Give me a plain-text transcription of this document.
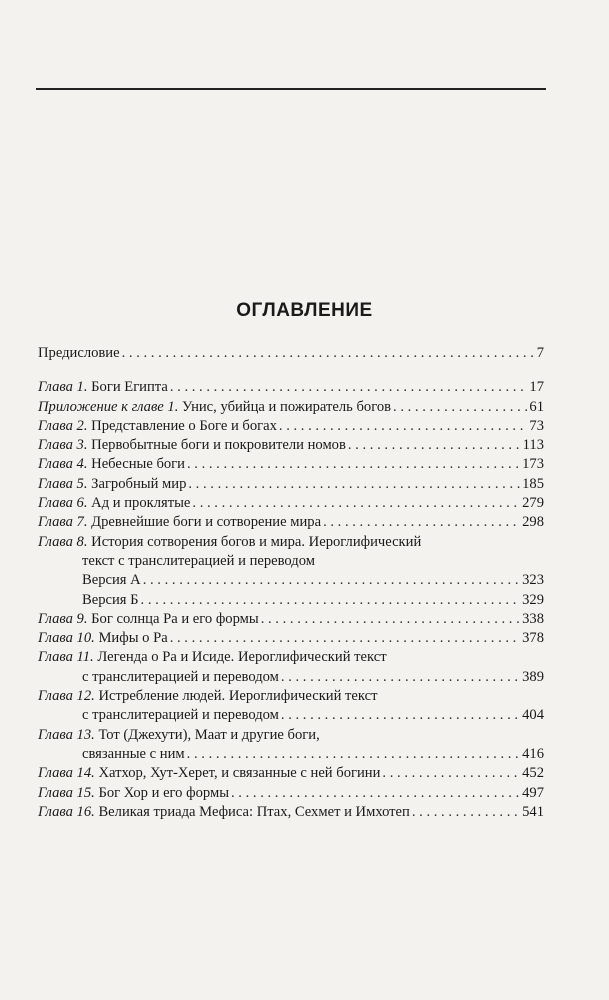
ОГЛАВЛЕНИЕ
Предисловие . . .	7
Глава 1. Боги Египта . . .	17
Приложение к главе 1. Унис, убийца и пожиратель богов . . .	61
Глава 2. Представление о Боге и богах . . .	73
Глава 3. Первобытные боги и покровители номов . . .	113
Глава 4. Небесные боги . . .	173
Глава 5. Загробный мир . . .	185
Глава 6. Ад и проклятые . . .	279
Глава 7. Древнейшие боги и сотворение мира . . .	298
Глава 8. История сотворения богов и мира. Иероглифический
текст с транслитерацией и переводом
Версия А . . .	323
Версия Б . . .	329
Глава 9. Бог солнца Ра и его формы . . .	338
Глава 10. Мифы о Ра . . .	378
Глава 11. Легенда о Ра и Исиде. Иероглифический текст
с транслитерацией и переводом . . .	389
Глава 12. Истребление людей. Иероглифический текст
с транслитерацией и переводом . . .	404
Глава 13. Тот (Джехути), Маат и другие боги,
связанные с ним . . .	416
Глава 14. Хатхор, Хут-Херет, и связанные с ней богини . . .	452
Глава 15. Бог Хор и его формы . . .	497
Глава 16. Великая триада Мефиса: Птах, Сехмет и Имхотеп . . .	541
